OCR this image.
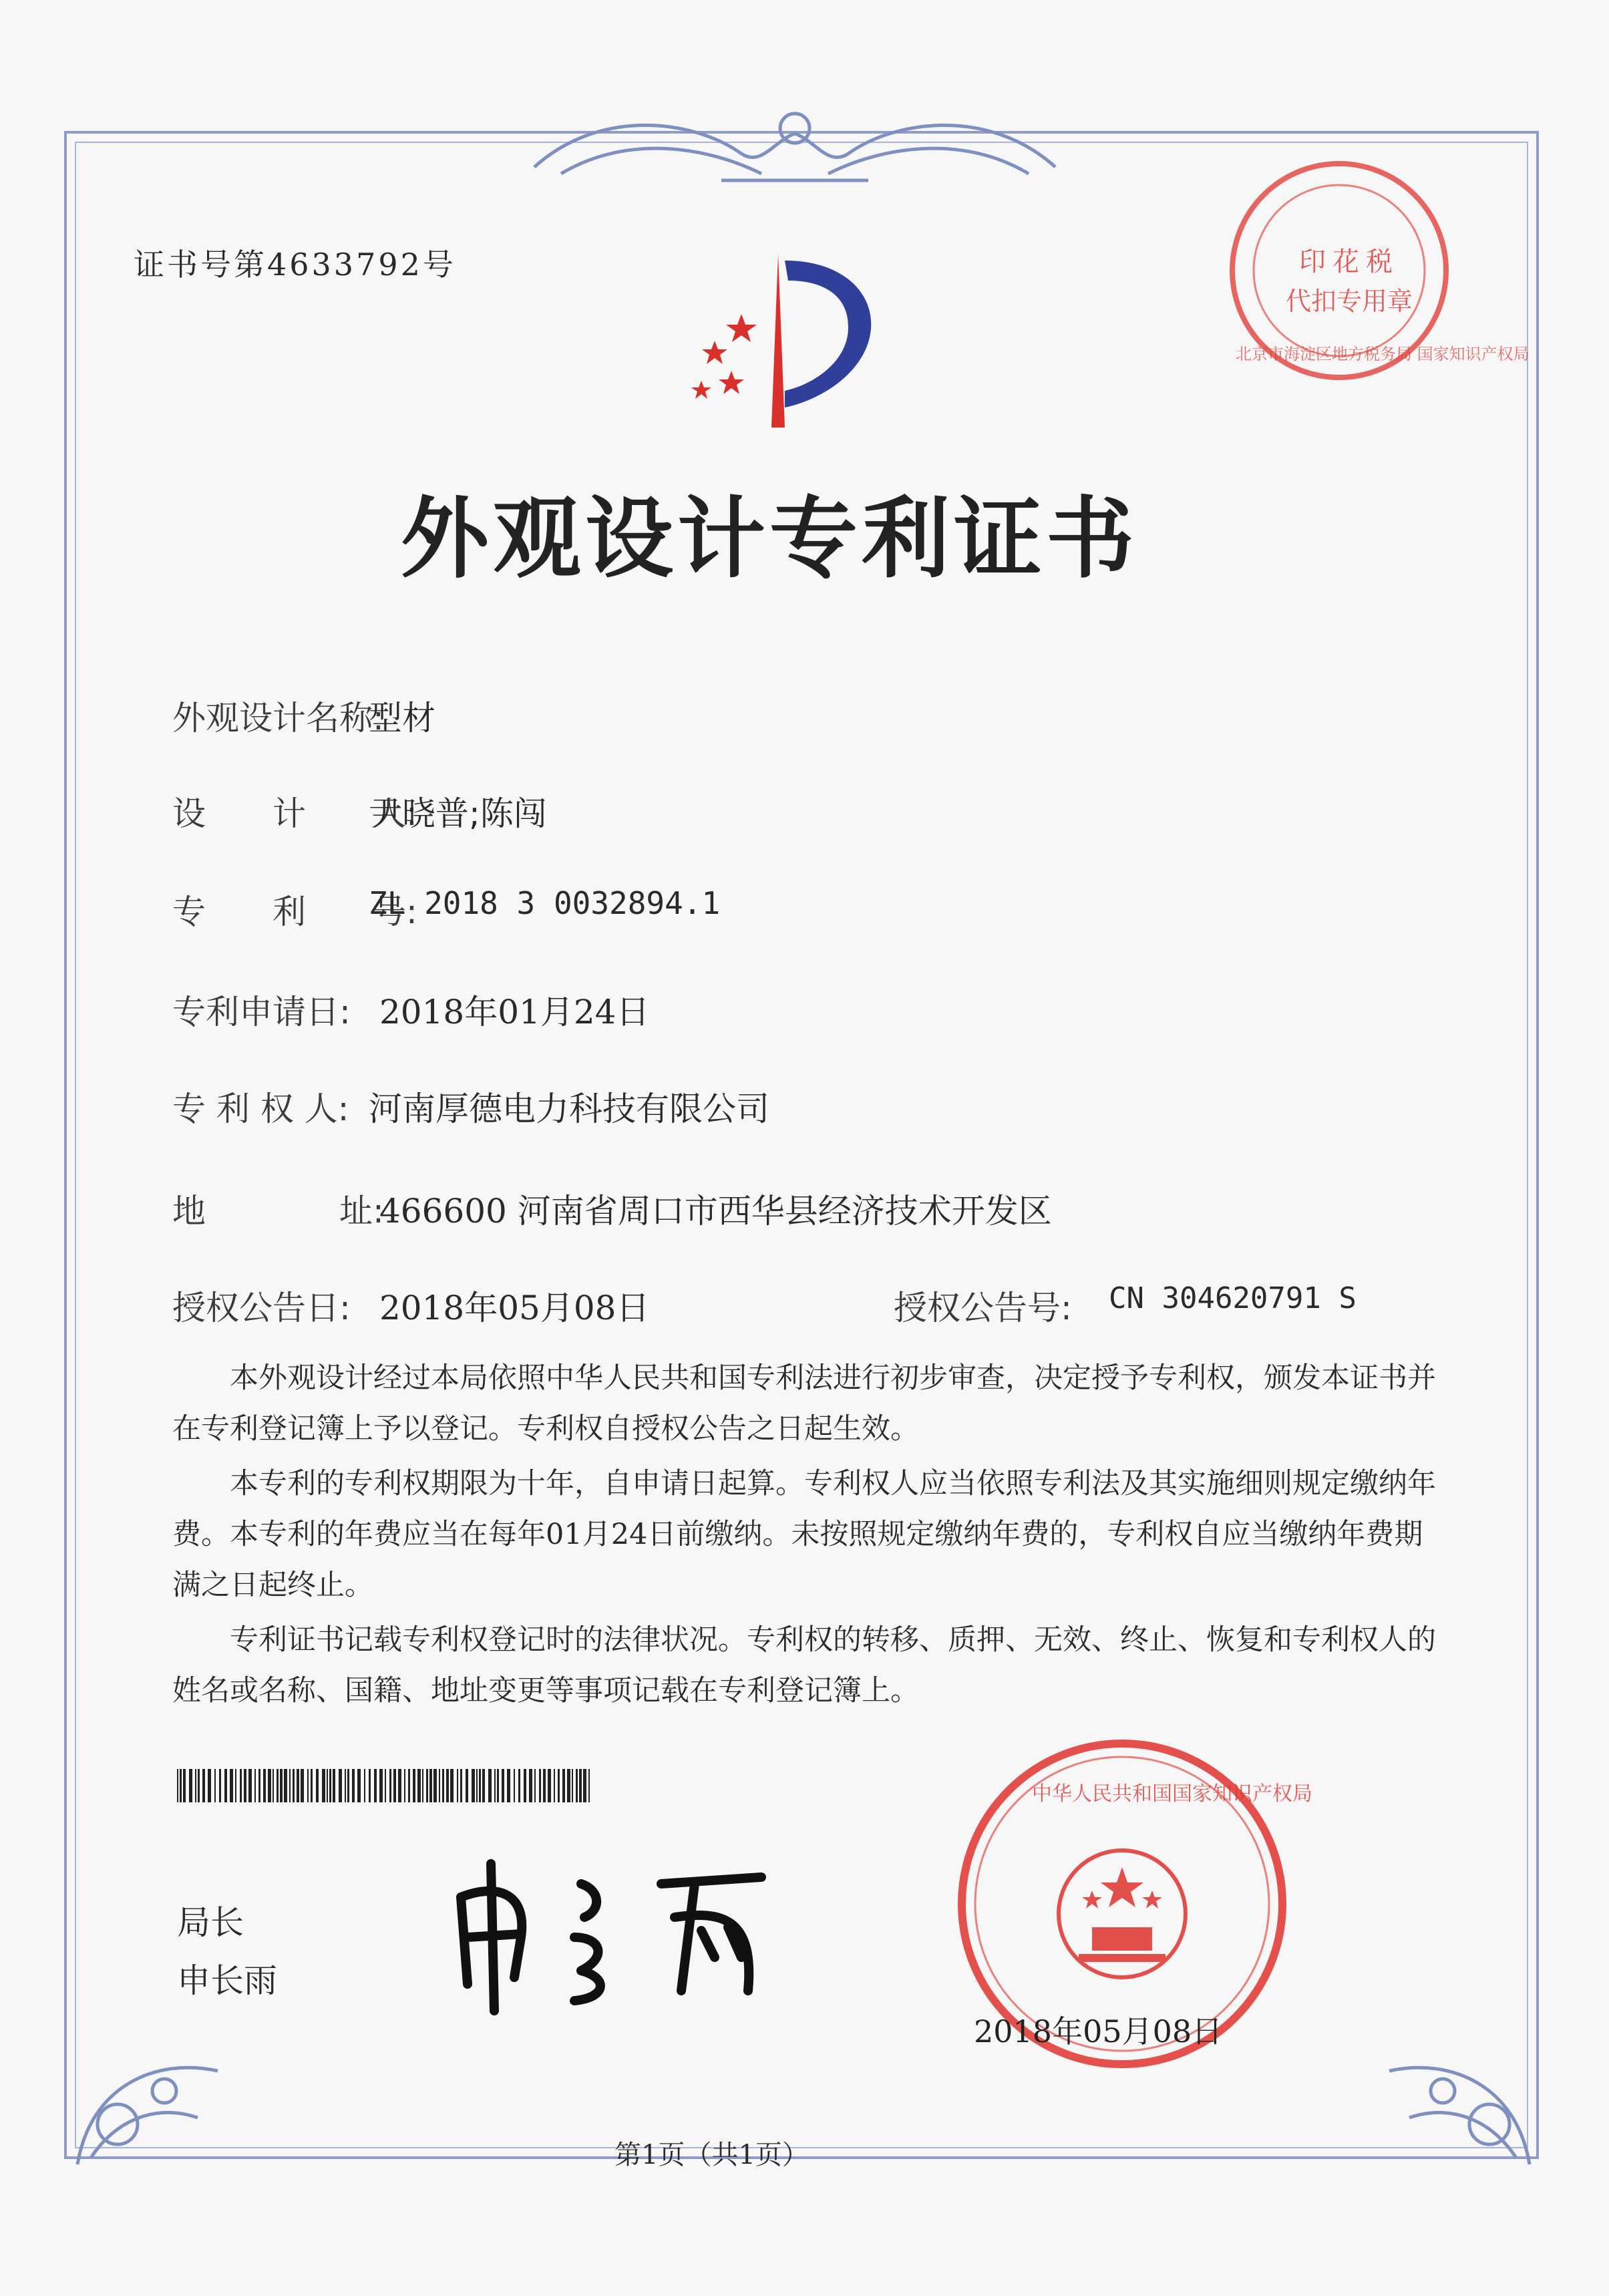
证书号第4633792号	印花税
代扣专用章
北京市海淀区地方税务局 国家知识产权局
外观设计专利证书
外观设计名称:
型材
设　　计　　人:
尹晓普;陈闯
专　　利　　号:
ZL 2018 3 0032894.1
专利申请日: 2018年01月24日
专 利 权 人: 河南厚德电力科技有限公司
地　　　　址:
466600 河南省周口市西华县经济技术开发区
授权公告日: 2018年05月08日	授权公告号: CN 304620791 S

本外观设计经过本局依照中华人民共和国专利法进行初步审查，决定授予专利权，颁发本证书并在专利登记簿上予以登记。专利权自授权公告之日起生效。

本专利的专利权期限为十年，自申请日起算。专利权人应当依照专利法及其实施细则规定缴纳年费。本专利的年费应当在每年01月24日前缴纳。未按照规定缴纳年费的，专利权自应当缴纳年费期满之日起终止。

专利证书记载专利权登记时的法律状况。专利权的转移、质押、无效、终止、恢复和专利权人的姓名或名称、国籍、地址变更等事项记载在专利登记簿上。

局长
申长雨
中华人民共和国国家知识产权局
2018年05月08日
第1页（共1页）
